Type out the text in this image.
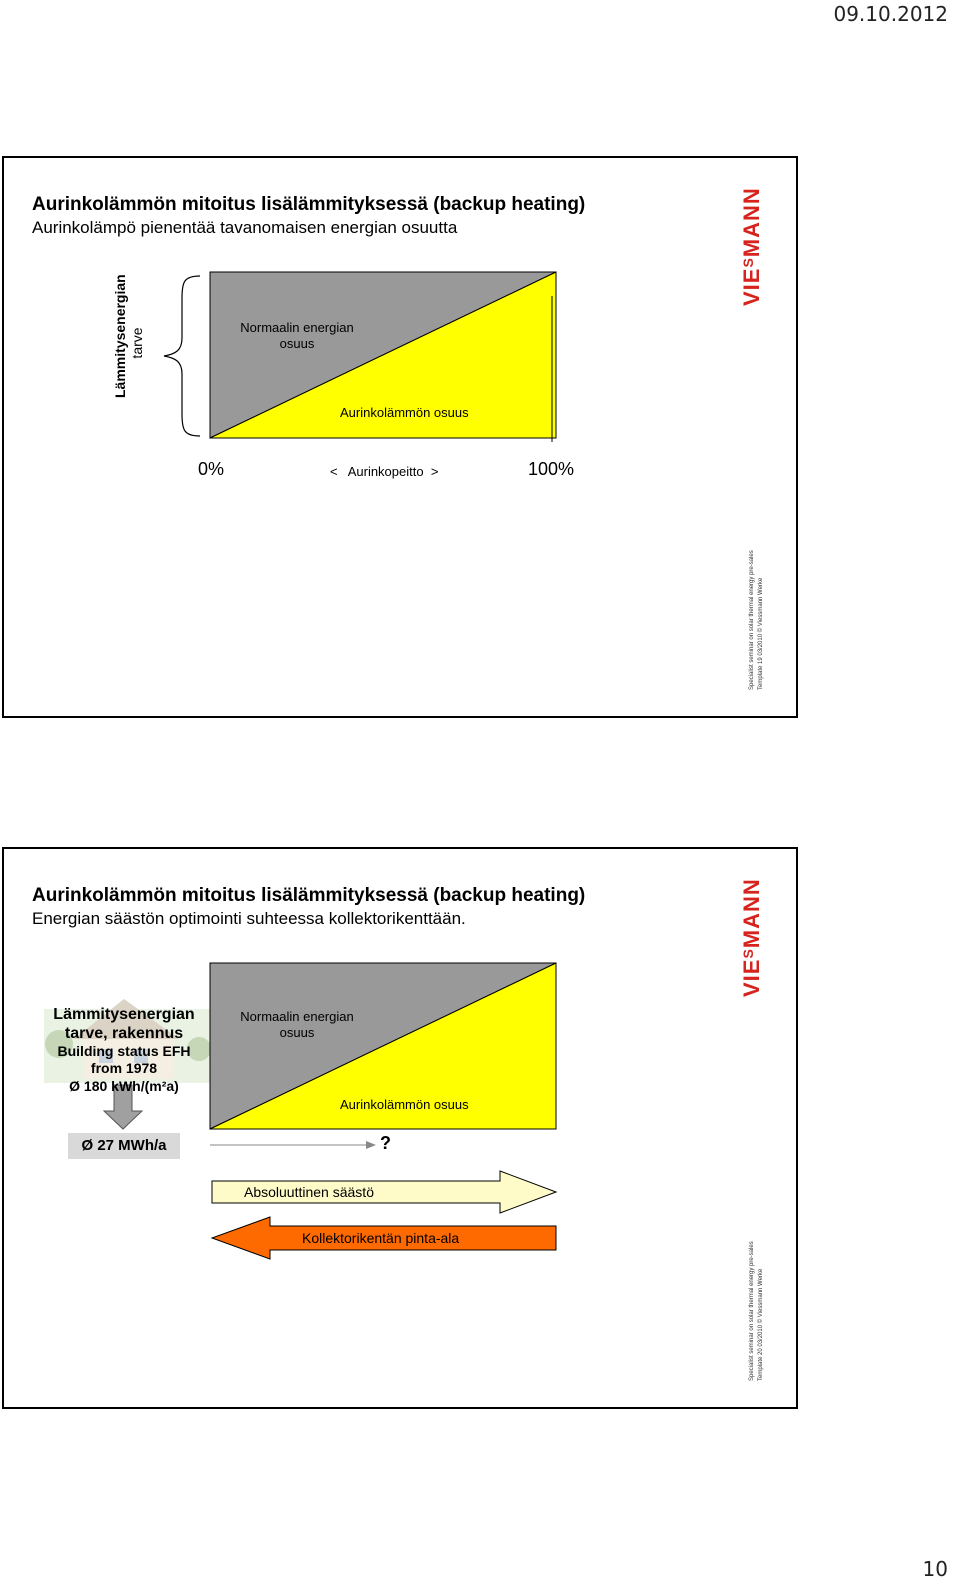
09.10.2012
Aurinkolämmön mitoitus lisälämmityksessä (backup heating)
Aurinkolämpö pienentää tavanomaisen energian osuutta
$VIE^SMANN$
Lämmitysenergian tarve	Normaalin energian
osuus
Aurinkolämmön osuus
0%	<   Aurinkopeitto  >	100%
Specialist seminar on solar thermal energy pre-sales Template 19 03/2010 © Viessmann Werke
Aurinkolämmön mitoitus lisälämmityksessä (backup heating)
Energian säästön optimointi suhteessa kollektorikenttään.
$VIE^SMANN$
Lämmitysenergian
tarve, rakennus
Building status EFH
from 1978
Ø 180 kWh/(m²a)
Ø 27 MWh/a
Normaalin energian
osuus
Aurinkolämmön osuus
?
Absoluuttinen säästö
Kollektorikentän pinta-ala
Specialist seminar on solar thermal energy pre-sales Template 20 03/2010 © Viessmann Werke
10
